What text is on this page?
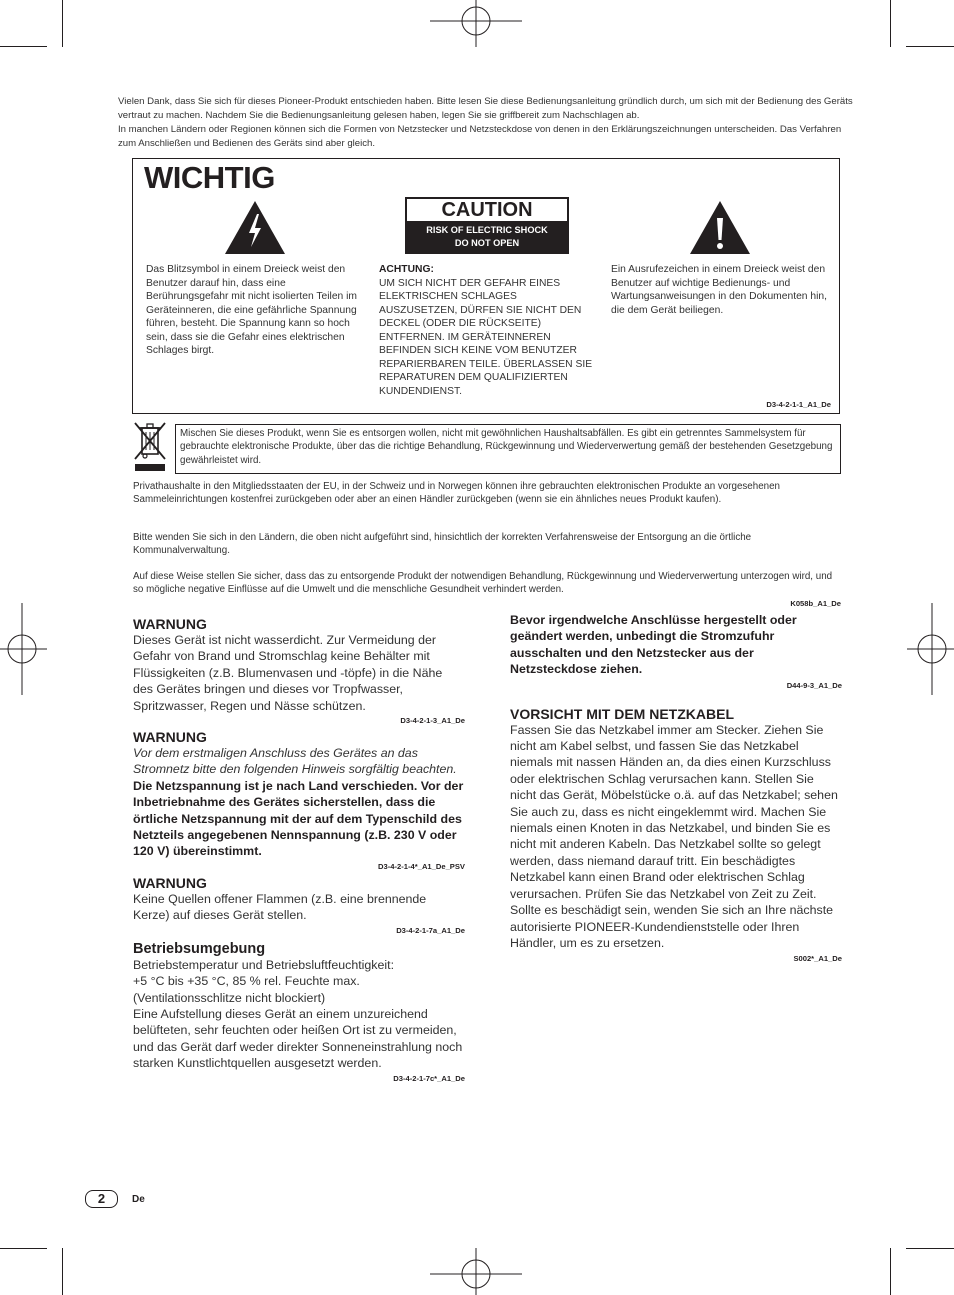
Vielen Dank, dass Sie sich für dieses Pioneer-Produkt entschieden haben. Bitte lesen Sie diese Bedienungsanleitung gründlich durch, um sich mit der Bedienung des Geräts vertraut zu machen. Nachdem Sie die Bedienungsanleitung gelesen haben, legen Sie sie griffbereit zum Nachschlagen ab.

In manchen Ländern oder Regionen können sich die Formen von Netzstecker und Netzsteckdose von denen in den Erklärungszeichnungen unterscheiden. Das Verfahren zum Anschließen und Bedienen des Geräts sind aber gleich.

WICHTIG
CAUTION
RISK OF ELECTRIC SHOCK
DO NOT OPEN
Das Blitzsymbol in einem Dreieck weist den Benutzer darauf hin, dass eine Berührungsgefahr mit nicht isolierten Teilen im Geräteinneren, die eine gefährliche Spannung führen, besteht. Die Spannung kann so hoch sein, dass sie die Gefahr eines elektrischen Schlages birgt.
ACHTUNG:
UM SICH NICHT DER GEFAHR EINES ELEKTRISCHEN SCHLAGES AUSZUSETZEN, DÜRFEN SIE NICHT DEN DECKEL (ODER DIE RÜCKSEITE) ENTFERNEN. IM GERÄTEINNEREN BEFINDEN SICH KEINE VOM BENUTZER REPARIERBAREN TEILE. ÜBERLASSEN SIE REPARATUREN DEM QUALIFIZIERTEN KUNDENDIENST.
Ein Ausrufezeichen in einem Dreieck weist den Benutzer auf wichtige Bedienungs- und Wartungsanweisungen in den Dokumenten hin, die dem Gerät beiliegen.
D3-4-2-1-1_A1_De
Mischen Sie dieses Produkt, wenn Sie es entsorgen wollen, nicht mit gewöhnlichen Haushaltsabfällen. Es gibt ein getrenntes Sammelsystem für gebrauchte elektronische Produkte, über das die richtige Behandlung, Rückgewinnung und Wiederverwertung gemäß der bestehenden Gesetzgebung gewährleistet wird.
Privathaushalte in den Mitgliedsstaaten der EU, in der Schweiz und in Norwegen können ihre gebrauchten elektronischen Produkte an vorgesehenen Sammeleinrichtungen kostenfrei zurückgeben oder aber an einen Händler zurückgeben (wenn sie ein ähnliches neues Produkt kaufen).
Bitte wenden Sie sich in den Ländern, die oben nicht aufgeführt sind, hinsichtlich der korrekten Verfahrensweise der Entsorgung an die örtliche Kommunalverwaltung.
Auf diese Weise stellen Sie sicher, dass das zu entsorgende Produkt der notwendigen Behandlung, Rückgewinnung und Wiederverwertung unterzogen wird, und so mögliche negative Einflüsse auf die Umwelt und die menschliche Gesundheit verhindert werden.
K058b_A1_De
WARNUNG
Dieses Gerät ist nicht wasserdicht. Zur Vermeidung der Gefahr von Brand und Stromschlag keine Behälter mit Flüssigkeiten (z.B. Blumenvasen und -töpfe) in die Nähe des Gerätes bringen und dieses vor Tropfwasser, Spritzwasser, Regen und Nässe schützen.
D3-4-2-1-3_A1_De
WARNUNG
Vor dem erstmaligen Anschluss des Gerätes an das Stromnetz bitte den folgenden Hinweis sorgfältig beachten.
Die Netzspannung ist je nach Land verschieden. Vor der Inbetriebnahme des Gerätes sicherstellen, dass die örtliche Netzspannung mit der auf dem Typenschild des Netzteils angegebenen Nennspannung (z.B. 230 V oder 120 V) übereinstimmt.
D3-4-2-1-4*_A1_De_PSV
WARNUNG
Keine Quellen offener Flammen (z.B. eine brennende Kerze) auf dieses Gerät stellen.
D3-4-2-1-7a_A1_De
Betriebsumgebung
Betriebstemperatur und Betriebsluftfeuchtigkeit:
+5 °C bis +35 °C, 85 % rel. Feuchte max.
(Ventilationsschlitze nicht blockiert)
Eine Aufstellung dieses Gerät an einem unzureichend belüfteten, sehr feuchten oder heißen Ort ist zu vermeiden, und das Gerät darf weder direkter Sonneneinstrahlung noch starken Kunstlichtquellen ausgesetzt werden.
D3-4-2-1-7c*_A1_De
Bevor irgendwelche Anschlüsse hergestellt oder geändert werden, unbedingt die Stromzufuhr ausschalten und den Netzstecker aus der Netzsteckdose ziehen.
D44-9-3_A1_De
VORSICHT MIT DEM NETZKABEL
Fassen Sie das Netzkabel immer am Stecker. Ziehen Sie nicht am Kabel selbst, und fassen Sie das Netzkabel niemals mit nassen Händen an, da dies einen Kurzschluss oder elektrischen Schlag verursachen kann. Stellen Sie nicht das Gerät, Möbelstücke o.ä. auf das Netzkabel; sehen Sie auch zu, dass es nicht eingeklemmt wird. Machen Sie niemals einen Knoten in das Netzkabel, und binden Sie es nicht mit anderen Kabeln. Das Netzkabel sollte so gelegt werden, dass niemand darauf tritt. Ein beschädigtes Netzkabel kann einen Brand oder elektrischen Schlag verursachen. Prüfen Sie das Netzkabel von Zeit zu Zeit. Sollte es beschädigt sein, wenden Sie sich an Ihre nächste autorisierte PIONEER-Kundendienststelle oder Ihren Händler, um es zu ersetzen.
S002*_A1_De
2	De
